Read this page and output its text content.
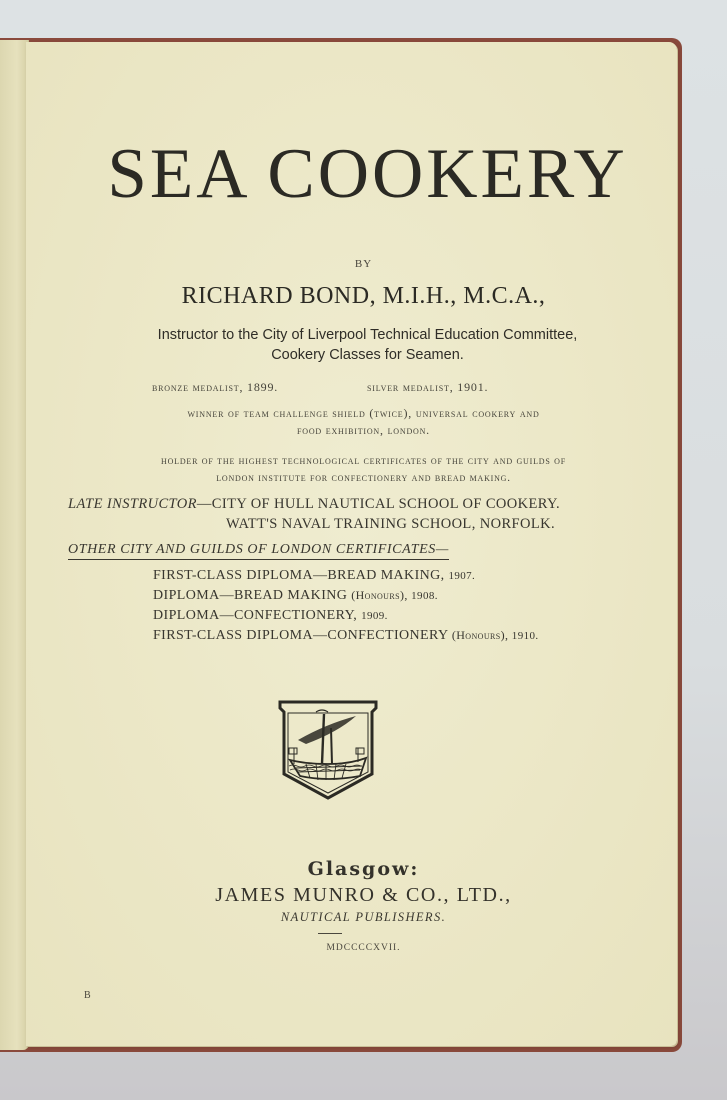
SEA COOKERY
BY
RICHARD BOND, M.I.H., M.C.A.,
Instructor to the City of Liverpool Technical Education Committee,
Cookery Classes for Seamen.
bronze medalist, 1899.	silver medalist, 1901.
winner of team challenge shield (twice), universal cookery and
food exhibition, london.
holder of the highest technological certificates of the city and guilds of
london institute for confectionery and bread making.
LATE INSTRUCTOR—CITY OF HULL NAUTICAL SCHOOL OF COOKERY.
WATT'S NAVAL TRAINING SCHOOL, NORFOLK.
OTHER CITY AND GUILDS OF LONDON CERTIFICATES—
FIRST-CLASS DIPLOMA—BREAD MAKING, 1907.
DIPLOMA—BREAD MAKING (Honours), 1908.
DIPLOMA—CONFECTIONERY, 1909.
FIRST-CLASS DIPLOMA—CONFECTIONERY (Honours), 1910.
Glasgow:
JAMES MUNRO & CO., LTD.,
NAUTICAL PUBLISHERS.
MDCCCCXVII.
B
